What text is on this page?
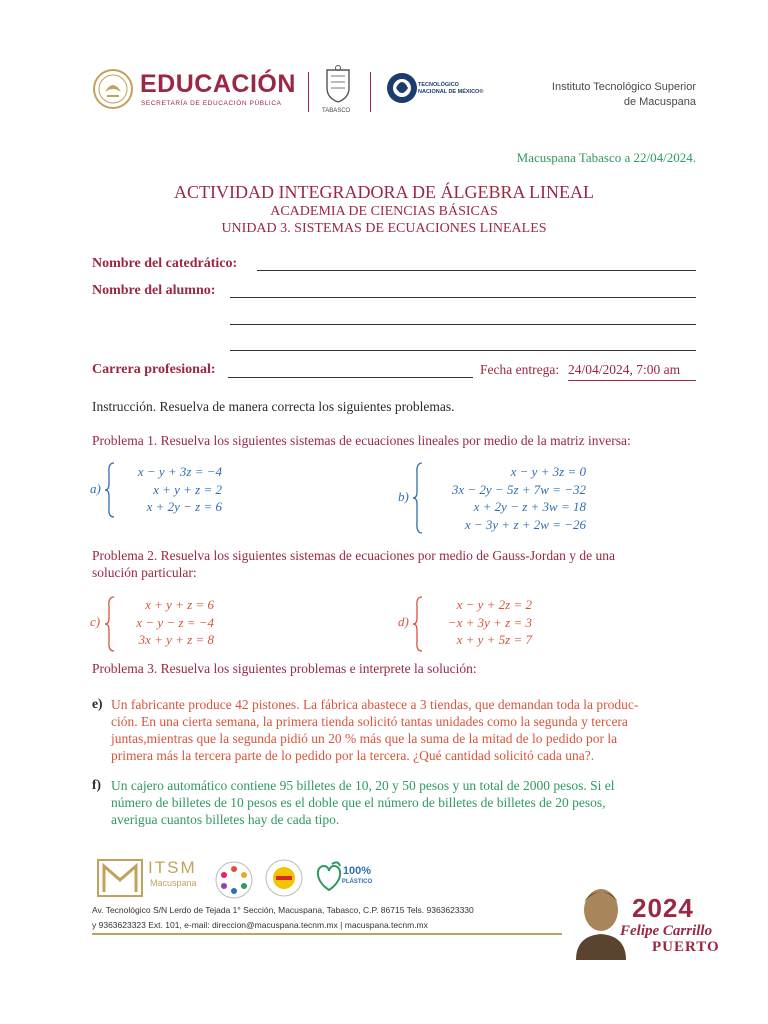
EDUCACIÓN
SECRETARÍA DE EDUCACIÓN PÚBLICA
TABASCO
TECNOLÓGICO
NACIONAL DE MÉXICO®	Instituto Tecnológico Superior
de Macuspana
Macuspana Tabasco a 22/04/2024.
ACTIVIDAD INTEGRADORA DE ÁLGEBRA LINEAL
ACADEMIA DE CIENCIAS BÁSICAS
UNIDAD 3. SISTEMAS DE ECUACIONES LINEALES
Nombre del catedrático:
Nombre del alumno:
Carrera profesional:	Fecha entrega: 24/04/2024, 7:00 am
Instrucción. Resuelva de manera correcta los siguientes problemas.
Problema 1. Resuelva los siguientes sistemas de ecuaciones lineales por medio de la matriz inversa:
a)
x − y + 3z = −4
x + y + z = 2
x + 2y − z = 6
b)
x − y + 3z = 0
3x − 2y − 5z + 7w = −32
x + 2y − z + 3w = 18
x − 3y + z + 2w = −26
Problema 2. Resuelva los siguientes sistemas de ecuaciones por medio de Gauss-Jordan y de una
solución particular:
c)
x + y + z = 6
x − y − z = −4
3x + y + z = 8
d)
x − y + 2z = 2
−x + 3y + z = 3
x + y + 5z = 7
Problema 3. Resuelva los siguientes problemas e interprete la solución:
e) Un fabricante produce 42 pistones. La fábrica abastece a 3 tiendas, que demandan toda la produc-
ción. En una cierta semana, la primera tienda solicitó tantas unidades como la segunda y tercera
juntas,mientras que la segunda pidió un 20 % más que la suma de la mitad de lo pedido por la
primera más la tercera parte de lo pedido por la tercera. ¿Qué cantidad solicitó cada una?.
f) Un cajero automático contiene 95 billetes de 10, 20 y 50 pesos y un total de 2000 pesos. Si el
número de billetes de 10 pesos es el doble que el número de billetes de billetes de 20 pesos,
averigua cuantos billetes hay de cada tipo.
ITSM
Macuspana
100%
PLÁSTICO
Av. Tecnológico S/N Lerdo de Tejada 1° Sección, Macuspana, Tabasco, C.P. 86715 Tels. 9363623330
y 9363623323 Ext. 101, e-mail: direccion@macuspana.tecnm.mx | macuspana.tecnm.mx
2024
Felipe Carrillo
PUERTO
